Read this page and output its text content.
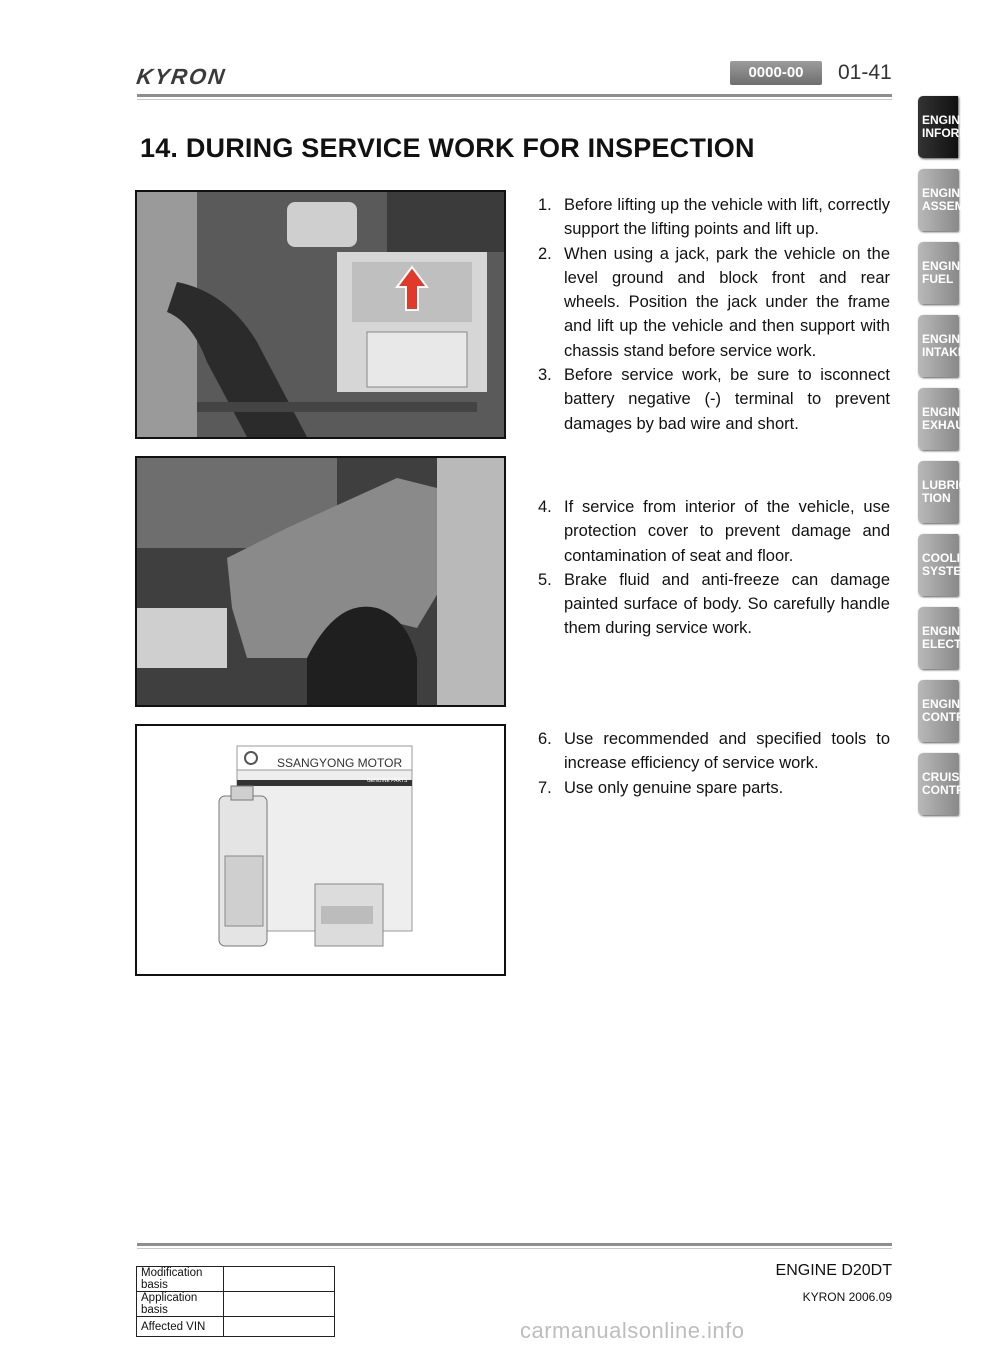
KYRON	0000-00	01-41
14. DURING SERVICE WORK FOR INSPECTION
SSANGYONG MOTOR
GENUINE PARTS
1. Before lifting up the vehicle with lift, correctly support the lifting points and lift up.
2. When using a jack, park the vehicle on the level ground and block front and rear wheels. Position the jack under the frame and lift up the vehicle and then support with chassis stand before service work.
3. Before service work, be sure to isconnect battery negative (-) terminal to prevent damages by bad wire and short.
4. If service from interior of the vehicle, use protection cover to prevent damage and contamination of seat and floor.
5. Brake fluid and anti-freeze can damage painted surface of body. So carefully handle them during service work.
6. Use recommended and specified tools to increase efficiency of service work.
7. Use only genuine spare parts.
ENGINE
INFORMA
ENGINE
ASSEMBL
ENGINE
FUEL
ENGINE
INTAKE
ENGINE
EXHAUST
LUBRICA
TION
COOLING
SYSTEM
ENGINE
ELECTRI
ENGINE
CONTRO
CRUISE
CONTRO
ENGINE D20DT
KYRON 2006.09
Modification basis	
Application basis	
Affected VIN		carmanualsonline.info
